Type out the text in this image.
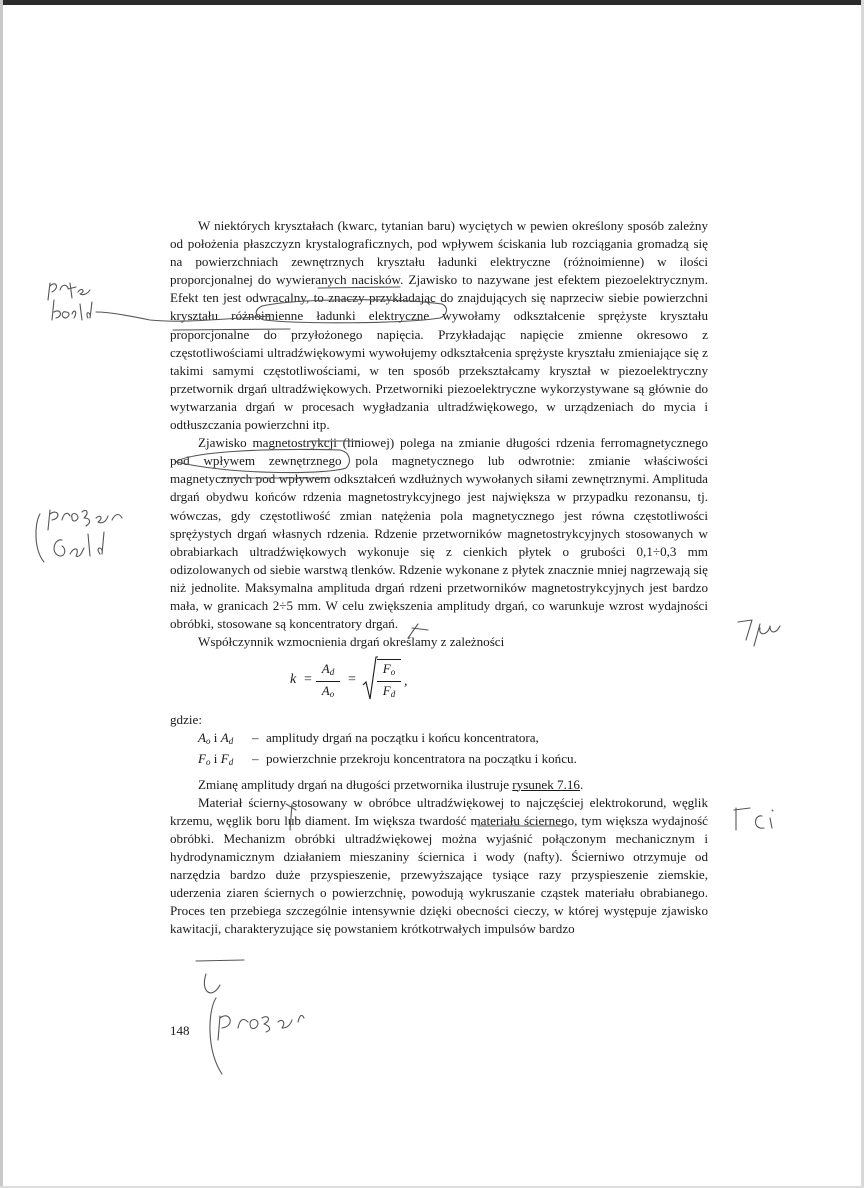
W niektórych kryształach (kwarc, tytanian baru) wyciętych w pewien określony sposób zależny od położenia płaszczyzn krystalograficznych, pod wpływem ściskania lub rozciągania gromadzą się na powierzchniach zewnętrznych kryształu ładunki elektryczne (różnoimienne) w ilości proporcjonalnej do wywieranych nacisków. Zjawisko to nazywane jest efektem piezoelektrycznym. Efekt ten jest odwracalny, to znaczy przykładając do znajdujących się naprzeciw siebie powierzchni kryształu różnoimienne ładunki elektryczne wywołamy odkształcenie sprężyste kryształu proporcjonalne do przyłożonego napięcia. Przykładając napięcie zmienne okresowo z częstotliwościami ultradźwiękowymi wywołujemy odkształcenia sprężyste kryształu zmieniające się z takimi samymi częstotliwościami, w ten sposób przekształcamy kryształ w piezoelektryczny przetwornik drgań ultradźwiękowych. Przetworniki piezoelektryczne wykorzystywane są głównie do wytwarzania drgań w procesach wygładzania ultradźwiękowego, w urządzeniach do mycia i odtłuszczania powierzchni itp.

Zjawisko magnetostrykcji (liniowej) polega na zmianie długości rdzenia ferromagnetycznego pod wpływem zewnętrznego pola magnetycznego lub odwrotnie: zmianie właściwości magnetycznych pod wpływem odkształceń wzdłużnych wywołanych siłami zewnętrznymi. Amplituda drgań obydwu końców rdzenia magnetostrykcyjnego jest największa w przypadku rezonansu, tj. wówczas, gdy częstotliwość zmian natężenia pola magnetycznego jest równa częstotliwości sprężystych drgań własnych rdzenia. Rdzenie przetworników magnetostrykcyjnych stosowanych w obrabiarkach ultradźwiękowych wykonuje się z cienkich płytek o grubości 0,1÷0,3 mm odizolowanych od siebie warstwą tlenków. Rdzenie wykonane z płytek znacznie mniej nagrzewają się niż jednolite. Maksymalna amplituda drgań rdzeni przetworników magnetostrykcyjnych jest bardzo mała, w granicach 2÷5 mm. W celu zwiększenia amplitudy drgań, co warunkuje wzrost wydajności obróbki, stosowane są koncentratory drgań.

Współczynnik wzmocnienia drgań określamy z zależności

$k = \frac{A_d}{A_o} = \frac{F_o}{F_d}$ ,

gdzie:

$A_o$ i $A_d$ – amplitudy drgań na początku i końcu koncentratora,

$F_o$ i $F_d$ – powierzchnie przekroju koncentratora na początku i końcu.

Zmianę amplitudy drgań na długości przetwornika ilustruje rysunek 7.16.

Materiał ścierny stosowany w obróbce ultradźwiękowej to najczęściej elektrokorund, węglik krzemu, węglik boru lub diament. Im większa twardość materiału ściernego, tym większa wydajność obróbki. Mechanizm obróbki ultradźwiękowej można wyjaśnić połączonym mechanicznym i hydrodynamicznym działaniem mieszaniny ściernica i wody (nafty). Ścierniwo otrzymuje od narzędzia bardzo duże przyspieszenie, przewyższające tysiące razy przyspieszenie ziemskie, uderzenia ziaren ściernych o powierzchnię, powodują wykruszanie cząstek materiału obrabianego. Proces ten przebiega szczególnie intensywnie dzięki obecności cieczy, w której występuje zjawisko kawitacji, charakteryzujące się powstaniem krótkotrwałych impulsów bardzo

148
